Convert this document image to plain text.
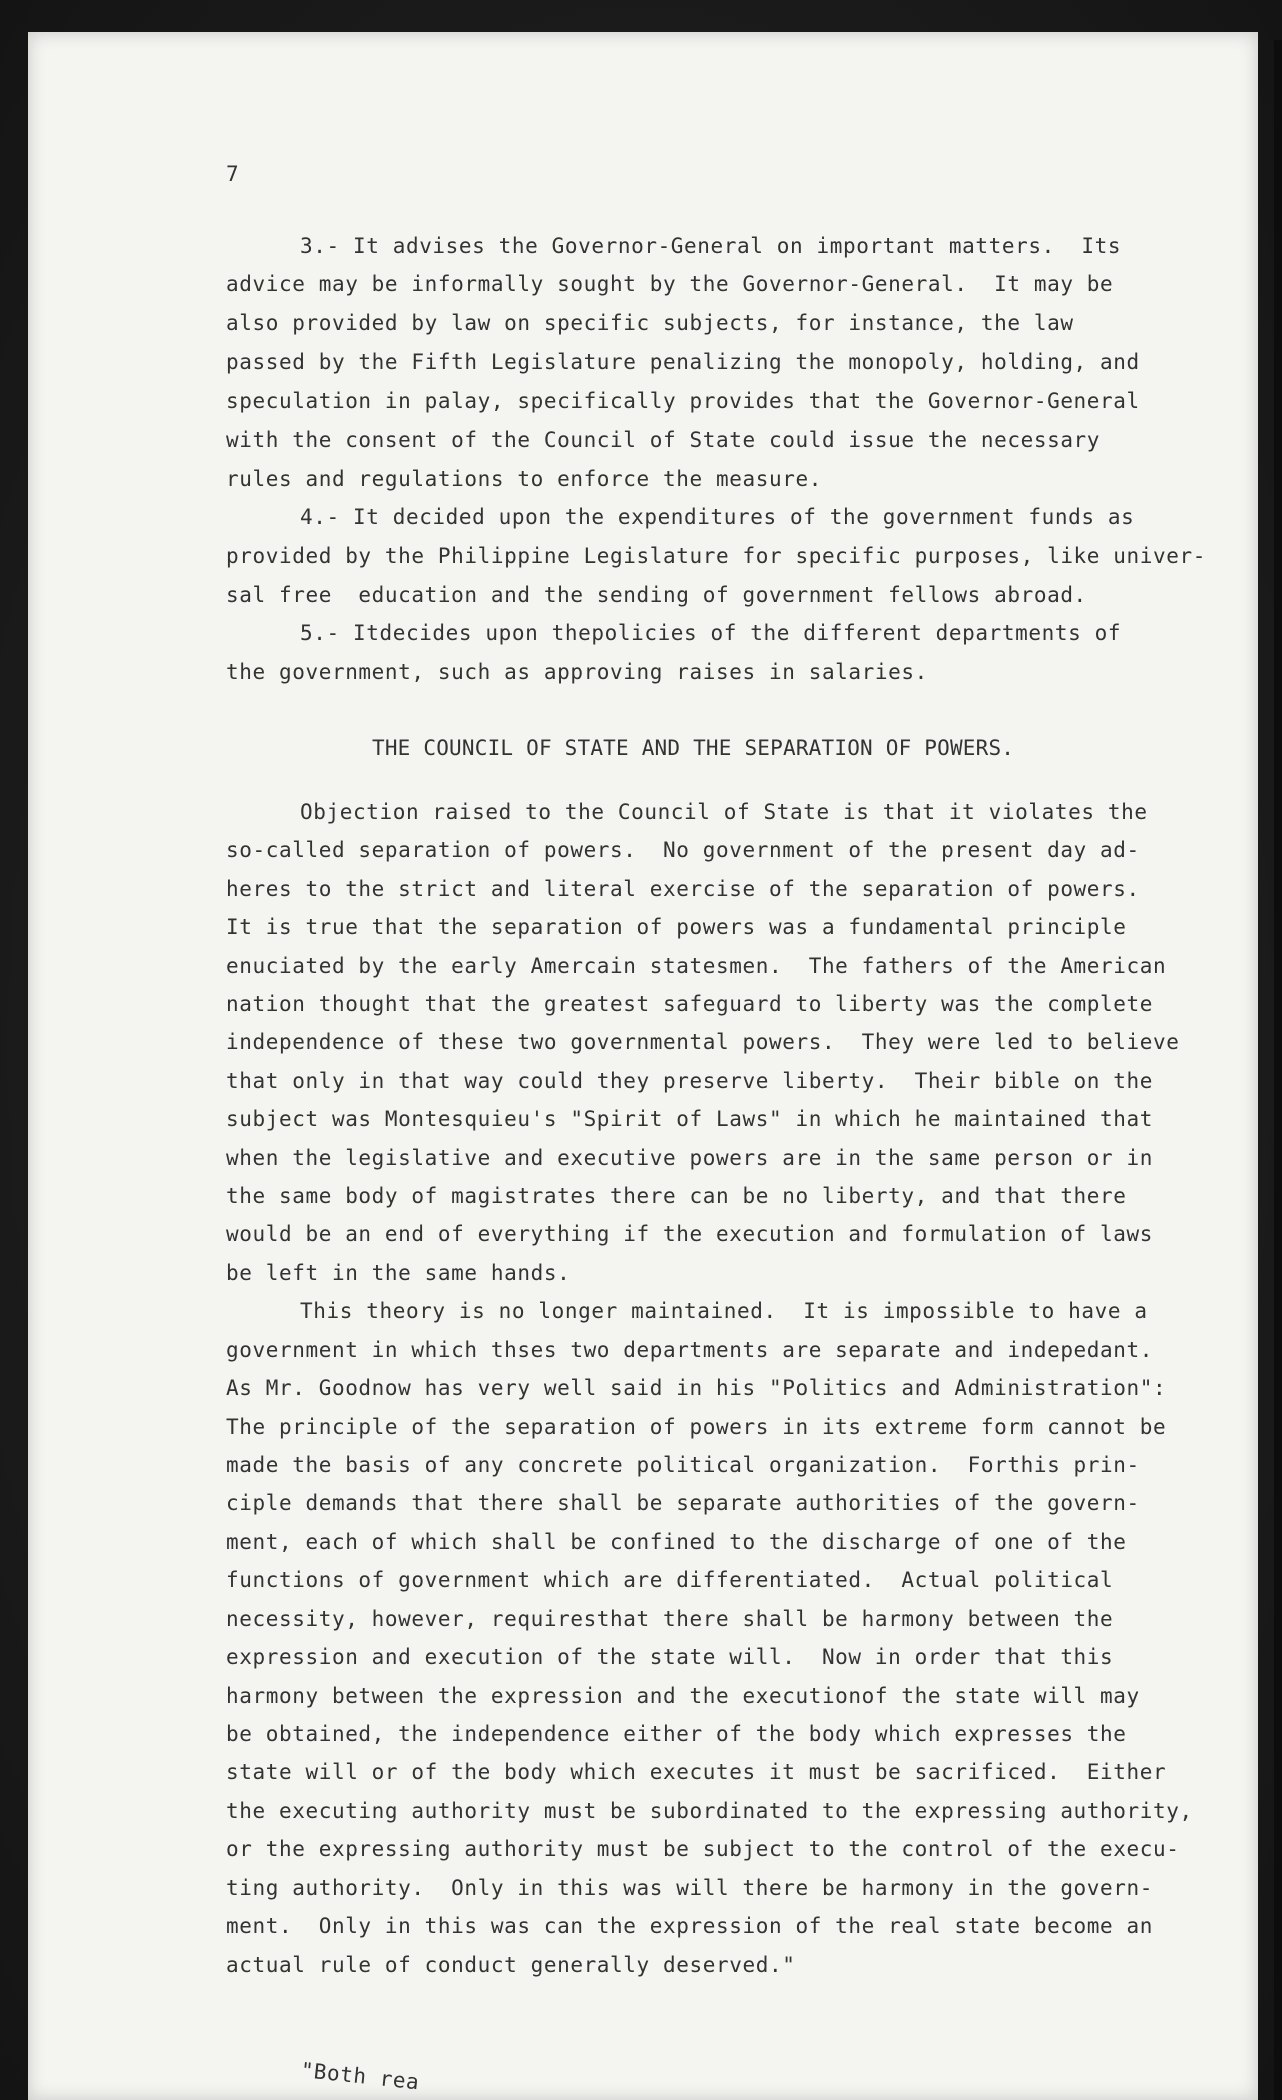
7

3.- It advises the Governor-General on important matters.  Its

advice may be informally sought by the Governor-General.  It may be

also provided by law on specific subjects, for instance, the law

passed by the Fifth Legislature penalizing the monopoly, holding, and

speculation in palay, specifically provides that the Governor-General

with the consent of the Council of State could issue the necessary

rules and regulations to enforce the measure.

4.- It decided upon the expenditures of the government funds as

provided by the Philippine Legislature for specific purposes, like univer-

sal free  education and the sending of government fellows abroad.

5.- Itdecides upon thepolicies of the different departments of

the government, such as approving raises in salaries.

THE COUNCIL OF STATE AND THE SEPARATION OF POWERS.

Objection raised to the Council of State is that it violates the

so-called separation of powers.  No government of the present day ad-

heres to the strict and literal exercise of the separation of powers.

It is true that the separation of powers was a fundamental principle

enuciated by the early Amercain statesmen.  The fathers of the American

nation thought that the greatest safeguard to liberty was the complete

independence of these two governmental powers.  They were led to believe

that only in that way could they preserve liberty.  Their bible on the

subject was Montesquieu's "Spirit of Laws" in which he maintained that

when the legislative and executive powers are in the same person or in

the same body of magistrates there can be no liberty, and that there

would be an end of everything if the execution and formulation of laws

be left in the same hands.

This theory is no longer maintained.  It is impossible to have a

government in which thses two departments are separate and indepedant.

As Mr. Goodnow has very well said in his "Politics and Administration":

The principle of the separation of powers in its extreme form cannot be

made the basis of any concrete political organization.  Forthis prin-

ciple demands that there shall be separate authorities of the govern-

ment, each of which shall be confined to the discharge of one of the

functions of government which are differentiated.  Actual political

necessity, however, requiresthat there shall be harmony between the

expression and execution of the state will.  Now in order that this

harmony between the expression and the executionof the state will may

be obtained, the independence either of the body which expresses the

state will or of the body which executes it must be sacrificed.  Either

the executing authority must be subordinated to the expressing authority,

or the expressing authority must be subject to the control of the execu-

ting authority.  Only in this was will there be harmony in the govern-

ment.  Only in this was can the expression of the real state become an

actual rule of conduct generally deserved."

"Both rea
